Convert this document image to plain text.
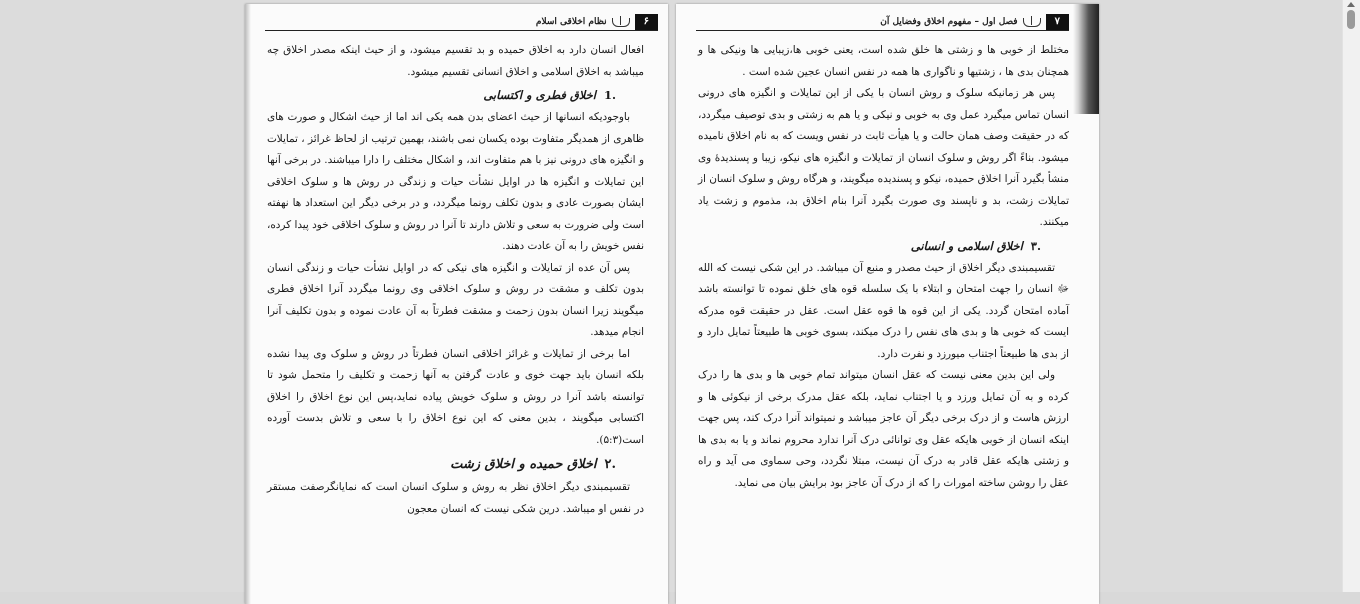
۶
نظام اخلاقی اسلام

افعال انسان دارد به اخلاق حمیده و بد تقسیم میشود، و از حیث اینکه مصدر اخلاق چه میباشد به اخلاق اسلامی و اخلاق انسانی تقسیم میشود.

.1اخلاق فطری و اکتسابی

باوجودیکه انسانها از حیث اعضای بدن همه یکی اند اما از حیث اشکال و صورت های ظاهری از همدیگر متفاوت بوده یکسان نمی باشند، بهمین ترتیب از لحاظ غرائز ، تمایلات و انگیزه های درونی نیز با هم متفاوت اند، و اشکال مختلف را دارا میباشند. در برخی آنها این تمایلات و انگیزه ها در اوایل نشأت حیات و زندگی در روش ها و سلوک اخلاقی ایشان بصورت عادی و بدون تکلف رونما میگردد، و در برخی دیگر این استعداد ها نهفته است ولی ضرورت به سعی و تلاش دارند تا آنرا در روش و سلوک اخلاقی خود پیدا کرده، نفس خویش را به آن عادت دهند.

پس آن عده از تمایلات و انگیزه های نیکی که در اوایل نشأت حیات و زندگی انسان بدون تکلف و مشقت در روش و سلوک اخلاقی وی رونما میگردد آنرا اخلاق فطری میگویند زیرا انسان بدون زحمت و مشقت فطرتاً به آن عادت نموده و بدون تکلیف آنرا انجام میدهد.

اما برخی از تمایلات و غرائز اخلاقی انسان فطرتاً در روش و سلوک وی پیدا نشده بلکه انسان باید جهت خوی و عادت گرفتن به آنها زحمت و تکلیف را متحمل شود تا توانسته باشد آنرا در روش و سلوک خویش پیاده نماید،پس این نوع اخلاق را اخلاق اکتسابی میگویند ، بدین معنی که این نوع اخلاق را با سعی و تلاش بدست آورده است(۵:۳).

.۲اخلاق حمیده و اخلاق زشت

تقسیمبندی دیگر اخلاق نظر به روش و سلوک انسان است که نمایانگرصفت مستقر در نفس او میباشد. درین شکی نیست که انسان معجون

۷
فصل اول – مفهوم اخلاق وفضایل آن

مختلط از خوبی ها و زشتی ها خلق شده است، یعنی خوبی ها،زیبایی ها ونیکی ها و همچنان بدی ها ، زشتیها و ناگواری ها همه در نفس انسان عجین شده است .

پس هر زمانیکه سلوک و روش انسان با یکی از این تمایلات و انگیزه های درونی انسان تماس میگیرد عمل وی به خوبی و نیکی و یا هم به زشتی و بدی توصیف میگردد، که در حقیقت وصف همان حالت و یا هیأت ثابت در نفس ویست که به نام اخلاق نامیده میشود. بناءً اگر روش و سلوک انسان از تمایلات و انگیزه های نیکو، زیبا و پسندیدهٔ وی منشأ بگیرد آنرا اخلاق حمیده، نیکو و پسندیده میگویند، و هرگاه روش و سلوک انسان از تمایلات زشت، بد و ناپسند وی صورت بگیرد آنرا بنام اخلاق بد، مذموم و زشت یاد میکنند.

.۳اخلاق اسلامی و انسانی

تقسیمبندی دیگر اخلاق از حیث مصدر و منبع آن میباشد. در این شکی نیست که الله ﷻ انسان را جهت امتحان و ابتلاء با یک سلسله قوه های خلق نموده تا توانسته باشد آماده امتحان گردد. یکی از این قوه ها قوه عقل است. عقل در حقیقت قوه مدرکه ایست که خوبی ها و بدی های نفس را درک میکند، بسوی خوبی ها طبیعتاً تمایل دارد و از بدی ها طبیعتاً اجتناب میورزد و نفرت دارد.

ولی این بدین معنی نیست که عقل انسان میتواند تمام خوبی ها و بدی ها را درک کرده و به آن تمایل ورزد و یا اجتناب نماید، بلکه عقل مدرک برخی از نیکوئی ها و ارزش هاست و از درک برخی دیگر آن عاجز میباشد و نمیتواند آنرا درک کند، پس جهت اینکه انسان از خوبی هایکه عقل وی توانائی درک آنرا ندارد محروم نماند و یا به بدی ها و زشتی هایکه عقل قادر به درک آن نیست، مبتلا نگردد، وحی سماوی می آید و راه عقل را روشن ساخته امورات را که از درک آن عاجز بود برایش بیان می نماید.
